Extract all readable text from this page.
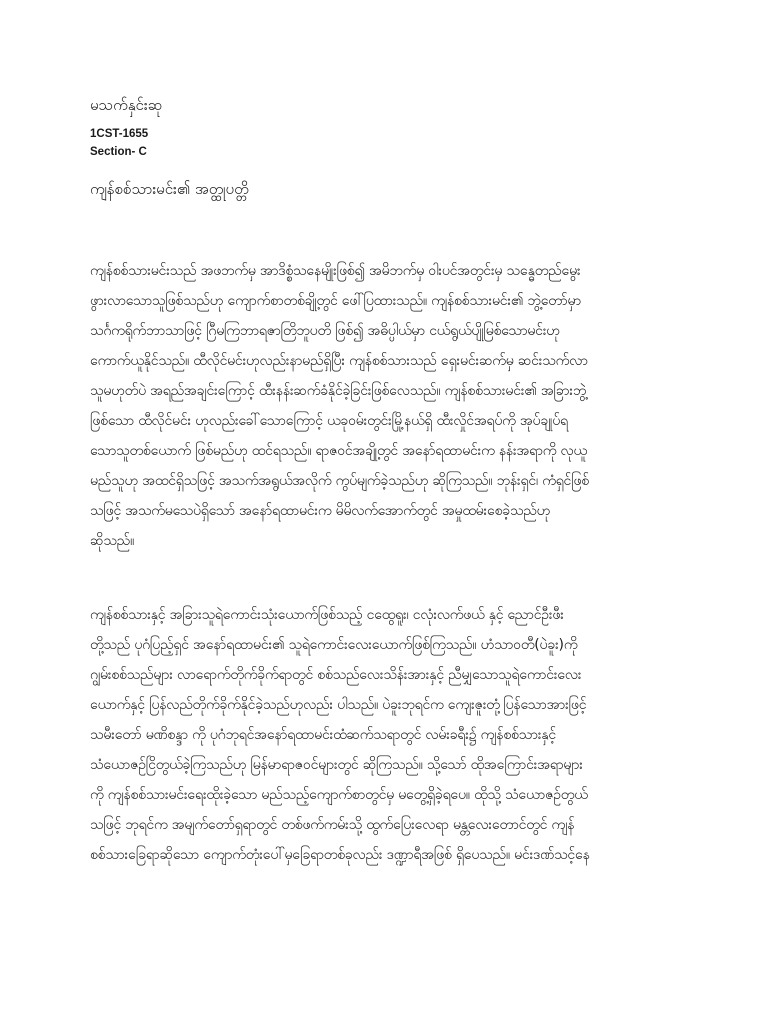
မသက်နှင်းဆု
1CST-1655
Section- C
ကျန်စစ်သားမင်း၏ အတ္ထုပတ္တိ
ကျန်စစ်သားမင်းသည် အဖဘက်မှ အာဒိစ္စံသနေမျိုးဖြစ်၍ အမိဘက်မှ ဝါးပင်အတွင်းမှ သန္ဓေတည်မွေး
ဖွားလာသောသူဖြစ်သည်ဟု ကျောက်စာတစ်ချို့တွင် ဖေါ်ပြထားသည်။ ကျန်စစ်သားမင်း၏ ဘွဲ့တော်မှာ
သင်္ဂကရိုက်ဘာသာဖြင့် ဂြီမကြဘာရဇာတြိဘူပတိ ဖြစ်၍ အဓိပ္ပါယ်မှာ ငယ်ရွယ်ပျိုမြစ်သောမင်းဟု
ကောက်ယူနိုင်သည်။ ထီလိုင်မင်းဟုလည်းနာမည်ရှိပြီး ကျန်စစ်သားသည် ရှေးမင်းဆက်မှ ဆင်းသက်လာ
သူမဟုတ်ပဲ အရည်အချင်းကြောင့် ထီးနန်းဆက်ခံနိုင်ခဲ့ခြင်းဖြစ်လေသည်။ ကျန်စစ်သားမင်း၏ အခြားဘွဲ့
ဖြစ်သော ထီလိုင်မင်း ဟုလည်းခေါ်သောကြောင့် ယခုဝမ်းတွင်းမြို့နယ်ရှိ ထီးလှိုင်အရပ်ကို အုပ်ချုပ်ရ
သောသူတစ်ယောက် ဖြစ်မည်ဟု ထင်ရသည်။ ရာဇဝင်အချို့တွင် အနော်ရထာမင်းက နန်းအရာကို လုယူ
မည်သူဟု အထင်ရှိသဖြင့် အသက်အရွယ်အလိုက် ကွပ်မျက်ခဲ့သည်ဟု ဆိုကြသည်။ ဘုန်းရှင်၊ ကံရှင်ဖြစ်
သဖြင့် အသက်မသေပဲရှိသော် အနော်ရထာမင်းက မိမိလက်အောက်တွင် အမှုထမ်းစေခဲ့သည်ဟု
ဆိုသည်။
ကျန်စစ်သားနှင့် အခြားသူရဲကောင်းသုံးယောက်ဖြစ်သည့် ငထွေရူး၊ ငလုံးလက်ဖယ် နှင့် ညောင်ဦးဖီး
တို့သည် ပုဂံပြည့်ရှင် အနော်ရထာမင်း၏ သူရဲကောင်းလေးယောက်ဖြစ်ကြသည်။ ဟံသာဝတီ(ပဲခူး)ကို
ဂျွမ်းစစ်သည်များ လာရောက်တိုက်ခိုက်ရာတွင် စစ်သည်လေးသိန်းအားနှင့် ညီမျှသောသူရဲကောင်းလေး
ယောက်နှင့် ပြန်လည်တိုက်ခိုက်နိုင်ခဲ့သည်ဟုလည်း ပါသည်။ ပဲခူးဘုရင်က ကျေးဇူးတုံ့ပြန်သောအားဖြင့်
သမီးတော် မဏိစန္ဒာ ကို ပုဂံဘုရင်အနော်ရထာမင်းထံဆက်သရာတွင် လမ်းခရီး၌ ကျန်စစ်သားနှင့်
သံယောဇဉ်ငြိတွယ်ခဲ့ကြသည်ဟု မြန်မာရာဇဝင်များတွင် ဆိုကြသည်။ သို့သော် ထိုအကြောင်းအရာများ
ကို ကျန်စစ်သားမင်းရေးထိုးခဲ့သော မည်သည့်ကျောက်စာတွင်မှ မတွေ့ရှိခဲ့ရပေ။ ထိုသို့ သံယောဇဉ်တွယ်
သဖြင့် ဘုရင်က အမျက်တော်ရှရာတွင် တစ်ဖက်ကမ်းသို့ ထွက်ပြေးလေရာ မန္တလေးတောင်တွင် ကျန်
စစ်သားခြေရာဆိုသော ကျောက်တုံးပေါ်မှခြေရာတစ်ခုလည်း ဒဏ္ဍာရီအဖြစ် ရှိပေသည်။ မင်းဒဏ်သင့်နေ
